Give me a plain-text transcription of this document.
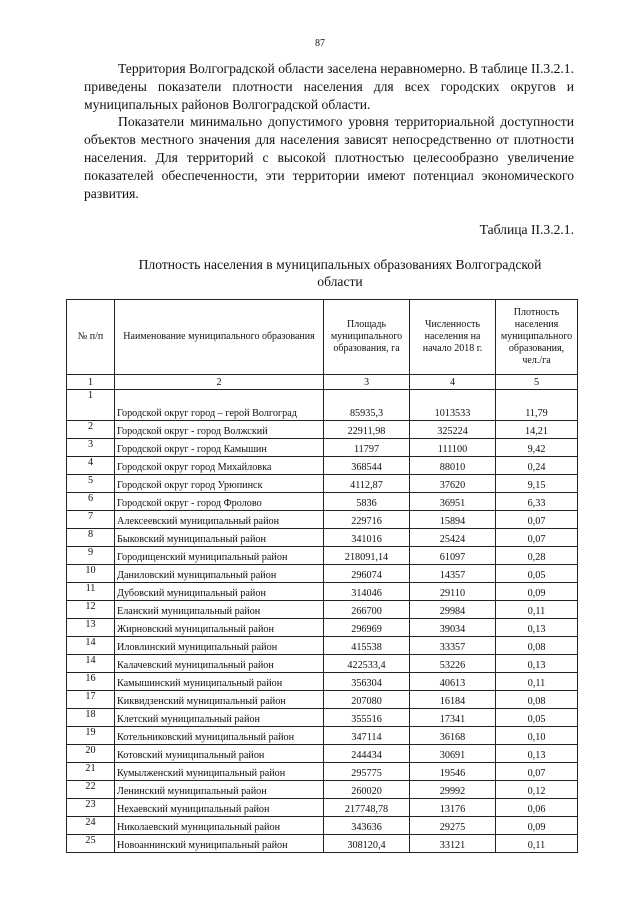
87

Территория Волгоградской области заселена неравномерно. В таблице II.3.2.1. приведены показатели плотности населения для всех городских округов и муниципальных районов Волгоградской области.

Показатели минимально допустимого уровня территориальной доступности объектов местного значения для населения зависят непосредственно от плотности населения. Для территорий с высокой плотностью целесообразно увеличение показателей обеспеченности, эти территории имеют потенциал экономического развития.

Таблица II.3.2.1.
Плотность населения в муниципальных образованиях Волгоградской области
№ п/п	Наименование муниципального образования	Площадь муниципального образования, га	Численность населения на начало 2018 г.	Плотность населения муниципального образования, чел./га
1	2	3	4	5
1	Городской округ город – герой Волгоград	85935,3	1013533	11,79
2	Городской округ - город Волжский	22911,98	325224	14,21
3	Городской округ - город Камышин	11797	111100	9,42
4	Городской округ город Михайловка	368544	88010	0,24
5	Городской округ город Урюпинск	4112,87	37620	9,15
6	Городской округ - город Фролово	5836	36951	6,33
7	Алексеевский муниципальный район	229716	15894	0,07
8	Быковский муниципальный район	341016	25424	0,07
9	Городищенский муниципальный район	218091,14	61097	0,28
10	Даниловский муниципальный район	296074	14357	0,05
11	Дубовский муниципальный район	314046	29110	0,09
12	Еланский муниципальный район	266700	29984	0,11
13	Жирновский муниципальный район	296969	39034	0,13
14	Иловлинский муниципальный район	415538	33357	0,08
14	Калачевский муниципальный район	422533,4	53226	0,13
16	Камышинский муниципальный район	356304	40613	0,11
17	Киквидзенский муниципальный район	207080	16184	0,08
18	Клетский муниципальный район	355516	17341	0,05
19	Котельниковский муниципальный район	347114	36168	0,10
20	Котовский муниципальный район	244434	30691	0,13
21	Кумылженский муниципальный район	295775	19546	0,07
22	Ленинский муниципальный район	260020	29992	0,12
23	Нехаевский муниципальный район	217748,78	13176	0,06
24	Николаевский муниципальный район	343636	29275	0,09
25	Новоаннинский муниципальный район	308120,4	33121	0,11
